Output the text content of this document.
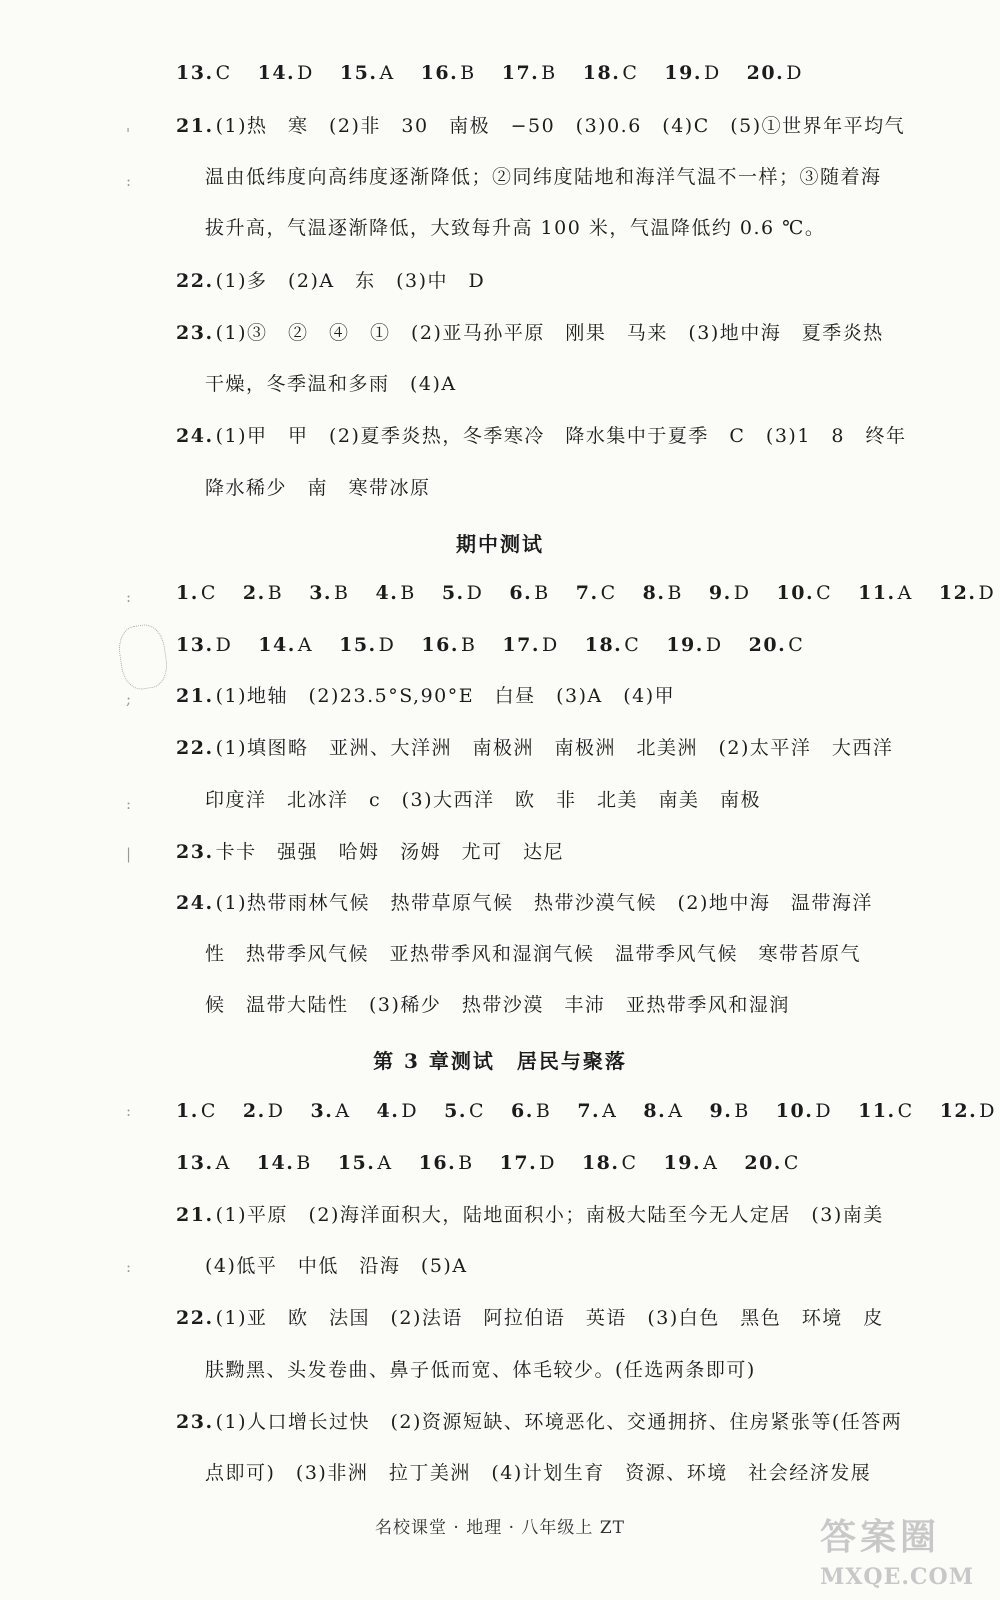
13. C 14. D 15. A 16. B 17. B 18. C 19. D 20. D
21. (1)热　寒　(2)非　30　南极　−50　(3)0.6　(4)C　(5)①世界年平均气
温由低纬度向高纬度逐渐降低；②同纬度陆地和海洋气温不一样；③随着海
拔升高，气温逐渐降低，大致每升高 100 米，气温降低约 0.6 ℃。
22. (1)多　(2)A　东　(3)中　D
23. (1)③　②　④　①　(2)亚马孙平原　刚果　马来　(3)地中海　夏季炎热
干燥，冬季温和多雨　(4)A
24. (1)甲　甲　(2)夏季炎热，冬季寒冷　降水集中于夏季　C　(3)1　8　终年
降水稀少　南　寒带冰原
期中测试
1. C 2. B 3. B 4. B 5. D 6. B 7. C 8. B 9. D 10. C 11. A 12. D
13. D 14. A 15. D 16. B 17. D 18. C 19. D 20. C
21. (1)地轴　(2)23.5°S,90°E　白昼　(3)A　(4)甲
22. (1)填图略　亚洲、大洋洲　南极洲　南极洲　北美洲　(2)太平洋　大西洋
印度洋　北冰洋　c　(3)大西洋　欧　非　北美　南美　南极
23. 卡卡　强强　哈姆　汤姆　尤可　达尼
24. (1)热带雨林气候　热带草原气候　热带沙漠气候　(2)地中海　温带海洋
性　热带季风气候　亚热带季风和湿润气候　温带季风气候　寒带苔原气
候　温带大陆性　(3)稀少　热带沙漠　丰沛　亚热带季风和湿润
第 3 章测试　居民与聚落
1. C 2. D 3. A 4. D 5. C 6. B 7. A 8. A 9. B 10. D 11. C 12. D
13. A 14. B 15. A 16. B 17. D 18. C 19. A 20. C
21. (1)平原　(2)海洋面积大，陆地面积小；南极大陆至今无人定居　(3)南美
(4)低平　中低　沿海　(5)A
22. (1)亚　欧　法国　(2)法语　阿拉伯语　英语　(3)白色　黑色　环境　皮
肤黝黑、头发卷曲、鼻子低而宽、体毛较少。(任选两条即可)
23. (1)人口增长过快　(2)资源短缺、环境恶化、交通拥挤、住房紧张等(任答两
点即可)　(3)非洲　拉丁美洲　(4)计划生育　资源、环境　社会经济发展
名校课堂 · 地理 · 八年级上 ZT
'
:
:
;
:
|
:
:
答案圈
MXQE.COM
